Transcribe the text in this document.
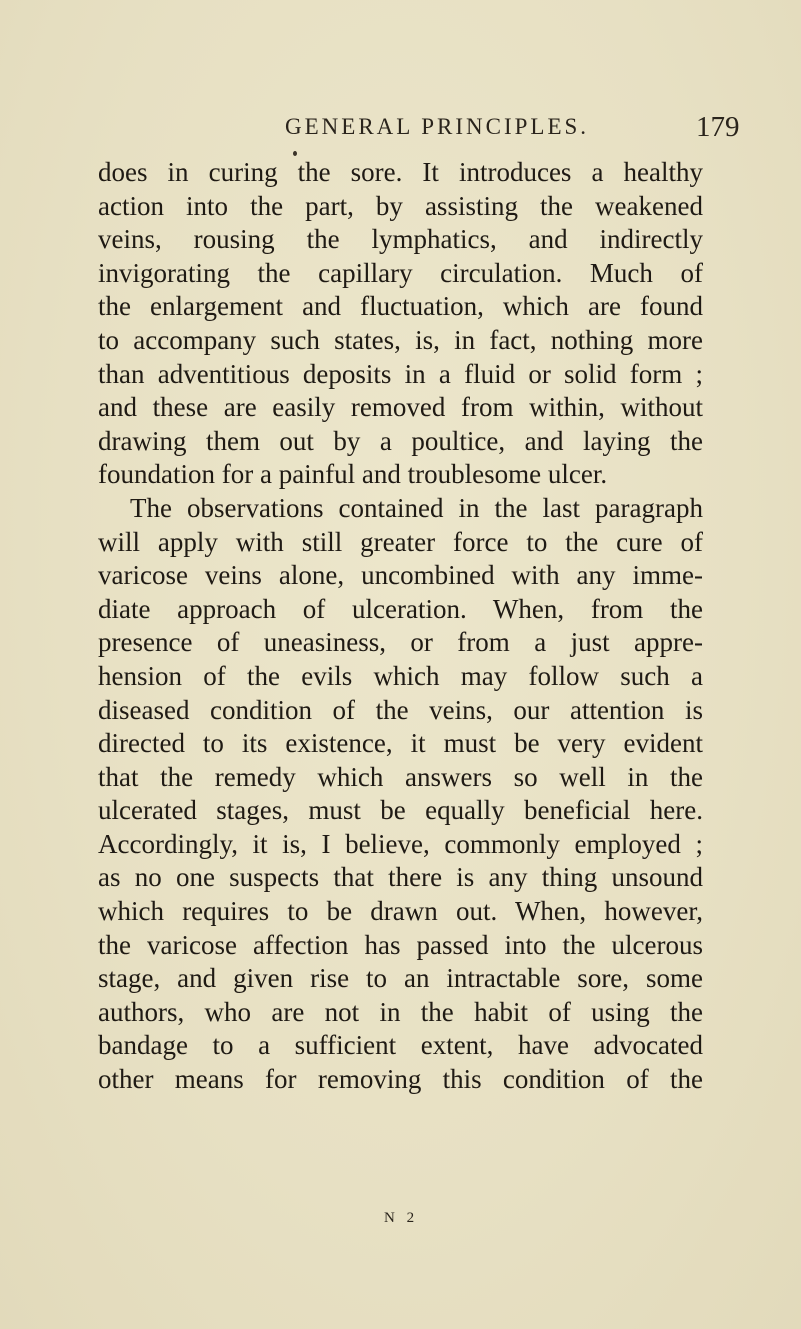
GENERAL PRINCIPLES.	179
does in curing the sore. It introduces a healthy
action into the part, by assisting the weakened
veins, rousing the lymphatics, and indirectly
invigorating the capillary circulation. Much of
the enlargement and fluctuation, which are found
to accompany such states, is, in fact, nothing more
than adventitious deposits in a fluid or solid form ;
and these are easily removed from within, without
drawing them out by a poultice, and laying the
foundation for a painful and troublesome ulcer.
The observations contained in the last paragraph
will apply with still greater force to the cure of
varicose veins alone, uncombined with any imme-
diate approach of ulceration. When, from the
presence of uneasiness, or from a just appre-
hension of the evils which may follow such a
diseased condition of the veins, our attention is
directed to its existence, it must be very evident
that the remedy which answers so well in the
ulcerated stages, must be equally beneficial here.
Accordingly, it is, I believe, commonly employed ;
as no one suspects that there is any thing unsound
which requires to be drawn out. When, however,
the varicose affection has passed into the ulcerous
stage, and given rise to an intractable sore, some
authors, who are not in the habit of using the
bandage to a sufficient extent, have advocated
other means for removing this condition of the
N 2
